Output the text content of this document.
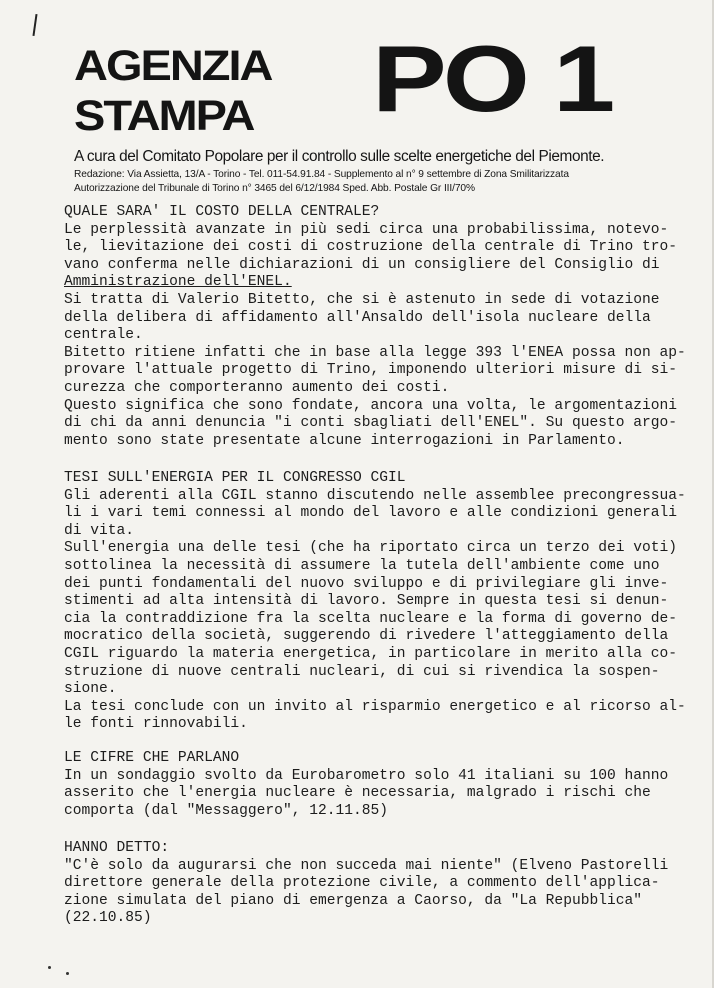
AGENZIA
STAMPA PO 1
A cura del Comitato Popolare per il controllo sulle scelte energetiche del Piemonte.
Redazione: Via Assietta, 13/A - Torino - Tel. 011-54.91.84 - Supplemento al n° 9 settembre di Zona Smilitarizzata
Autorizzazione del Tribunale di Torino n° 3465 del 6/12/1984 Sped. Abb. Postale Gr III/70%
QUALE SARA' IL COSTO DELLA CENTRALE?
Le perplessità avanzate in più sedi circa una probabilissima, notevo-
le, lievitazione dei costi di costruzione della centrale di Trino tro-
vano conferma nelle dichiarazioni di un consigliere del Consiglio di
Amministrazione dell'ENEL.
Si tratta di Valerio Bitetto, che si è astenuto in sede di votazione
della delibera di affidamento all'Ansaldo dell'isola nucleare della
centrale.
Bitetto ritiene infatti che in base alla legge 393 l'ENEA possa non ap-
provare l'attuale progetto di Trino, imponendo ulteriori misure di si-
curezza che comporteranno aumento dei costi.
Questo significa che sono fondate, ancora una volta, le argomentazioni
di chi da anni denuncia "i conti sbagliati dell'ENEL". Su questo argo-
mento sono state presentate alcune interrogazioni in Parlamento.
TESI SULL'ENERGIA PER IL CONGRESSO CGIL
Gli aderenti alla CGIL stanno discutendo nelle assemblee precongressua-
li i vari temi connessi al mondo del lavoro e alle condizioni generali
di vita.
Sull'energia una delle tesi (che ha riportato circa un terzo dei voti)
sottolinea la necessità di assumere la tutela dell'ambiente come uno
dei punti fondamentali del nuovo sviluppo e di privilegiare gli inve-
stimenti ad alta intensità di lavoro. Sempre in questa tesi si denun-
cia la contraddizione fra la scelta nucleare e la forma di governo de-
mocratico della società, suggerendo di rivedere l'atteggiamento della
CGIL riguardo la materia energetica, in particolare in merito alla co-
struzione di nuove centrali nucleari, di cui si rivendica la sospen-
sione.
La tesi conclude con un invito al risparmio energetico e al ricorso al-
le fonti rinnovabili.
LE CIFRE CHE PARLANO
In un sondaggio svolto da Eurobarometro solo 41 italiani su 100 hanno
asserito che l'energia nucleare è necessaria, malgrado i rischi che
comporta (dal "Messaggero", 12.11.85)
HANNO DETTO:
"C'è solo da augurarsi che non succeda mai niente" (Elveno Pastorelli
direttore generale della protezione civile, a commento dell'applica-
zione simulata del piano di emergenza a Caorso, da "La Repubblica"
(22.10.85)
